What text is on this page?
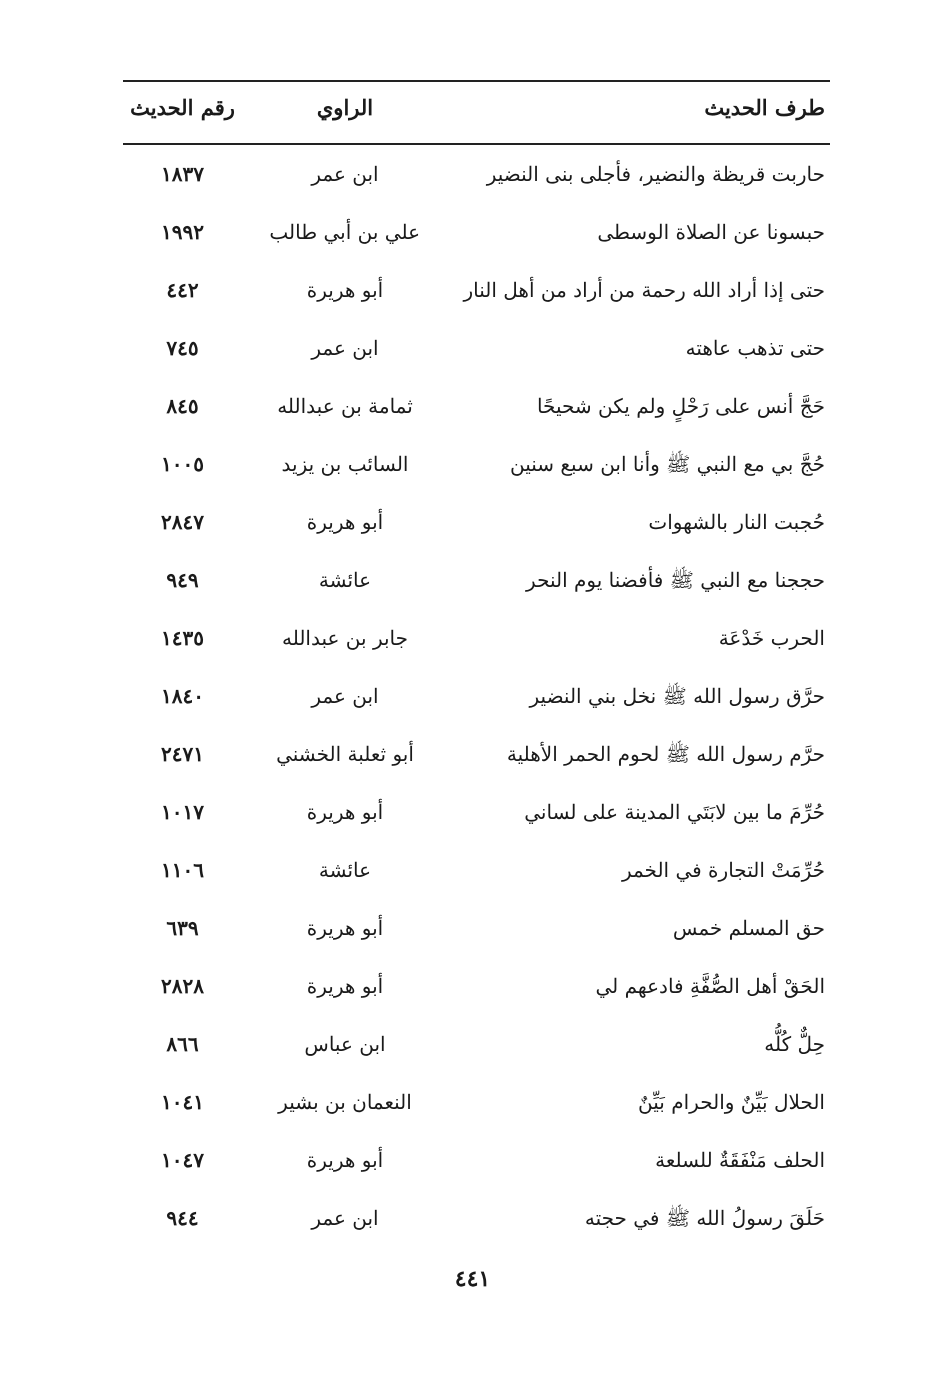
طرف الحديث
الراوي
رقم الحديث
حاربت قريظة والنضير، فأجلى بنى النضير
ابن عمر
١٨٣٧
حبسونا عن الصلاة الوسطى
علي بن أبي طالب
١٩٩٢
حتى إذا أراد الله رحمة من أراد من أهل النار
أبو هريرة
٤٤٢
حتى تذهب عاهته
ابن عمر
٧٤٥
حَجَّ أنس على رَحْلٍ ولم يكن شحيحًا
ثمامة بن عبدالله
٨٤٥
حُجَّ بي مع النبي ﷺ وأنا ابن سبع سنين
السائب بن يزيد
١٠٠٥
حُجبت النار بالشهوات
أبو هريرة
٢٨٤٧
حججنا مع النبي ﷺ فأفضنا يوم النحر
عائشة
٩٤٩
الحرب خَدْعَة
جابر بن عبدالله
١٤٣٥
حرَّق رسول الله ﷺ نخل بني النضير
ابن عمر
١٨٤٠
حرَّم رسول الله ﷺ لحوم الحمر الأهلية
أبو ثعلبة الخشني
٢٤٧١
حُرِّمَ ما بين لابَتَي المدينة على لساني
أبو هريرة
١٠١٧
حُرِّمَتْ التجارة في الخمر
عائشة
١١٠٦
حق المسلم خمس
أبو هريرة
٦٣٩
الحَقْ أهل الصُّفَّةِ فادعهم لي
أبو هريرة
٢٨٢٨
حِلٌّ كُلُّه
ابن عباس
٨٦٦
الحلال بَيِّنٌ والحرام بَيِّنٌ
النعمان بن بشير
١٠٤١
الحلف مَنْفَقَةٌ للسلعة
أبو هريرة
١٠٤٧
حَلَقَ رسولُ الله ﷺ في حجته
ابن عمر
٩٤٤
٤٤١
